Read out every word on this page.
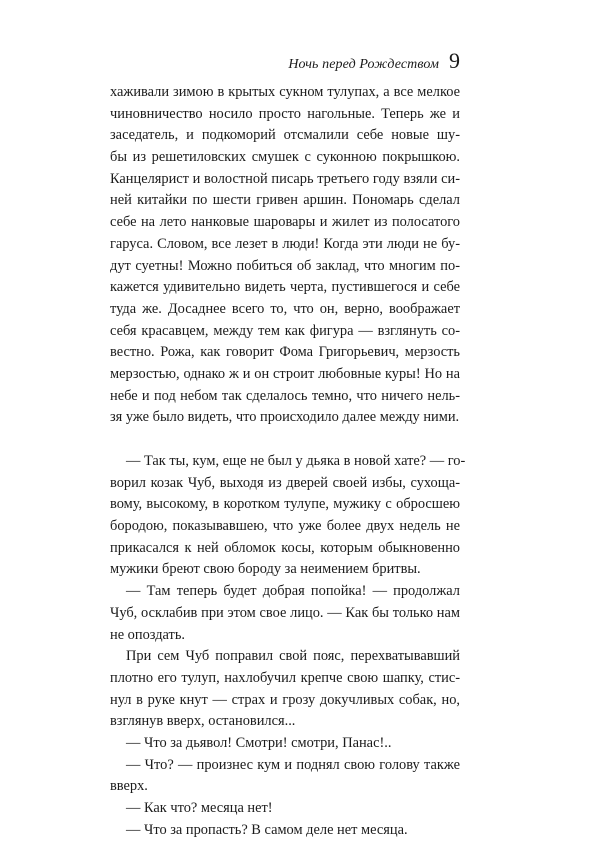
Ночь перед Рождеством 9
хаживали зимою в крытых сукном тулупах, а все мелкое
чиновничество носило просто нагольные. Теперь же и
заседатель, и подкоморий отсмалили себе новые шу-
бы из решетиловских смушек с суконною покрышкою.
Канцелярист и волостной писарь третьего году взяли си-
ней китайки по шести гривен аршин. Пономарь сделал
себе на лето нанковые шаровары и жилет из полосатого
гаруса. Словом, все лезет в люди! Когда эти люди не бу-
дут суетны! Можно побиться об заклад, что многим по-
кажется удивительно видеть черта, пустившегося и себе
туда же. Досаднее всего то, что он, верно, воображает
себя красавцем, между тем как фигура — взглянуть со-
вестно. Рожа, как говорит Фома Григорьевич, мерзость
мерзостью, однако ж и он строит любовные куры! Но на
небе и под небом так сделалось темно, что ничего нель-
зя уже было видеть, что происходило далее между ними.
— Так ты, кум, еще не был у дьяка в новой хате? — го-
ворил козак Чуб, выходя из дверей своей избы, сухоща-
вому, высокому, в коротком тулупе, мужику с обросшею
бородою, показывавшею, что уже более двух недель не
прикасался к ней обломок косы, которым обыкновенно
мужики бреют свою бороду за неимением бритвы.
— Там теперь будет добрая попойка! — продолжал
Чуб, осклабив при этом свое лицо. — Как бы только нам
не опоздать.
При сем Чуб поправил свой пояс, перехватывавший
плотно его тулуп, нахлобучил крепче свою шапку, стис-
нул в руке кнут — страх и грозу докучливых собак, но,
взглянув вверх, остановился...
— Что за дьявол! Смотри! смотри, Панас!..
— Что? — произнес кум и поднял свою голову также
вверх.
— Как что? месяца нет!
— Что за пропасть? В самом деле нет месяца.
